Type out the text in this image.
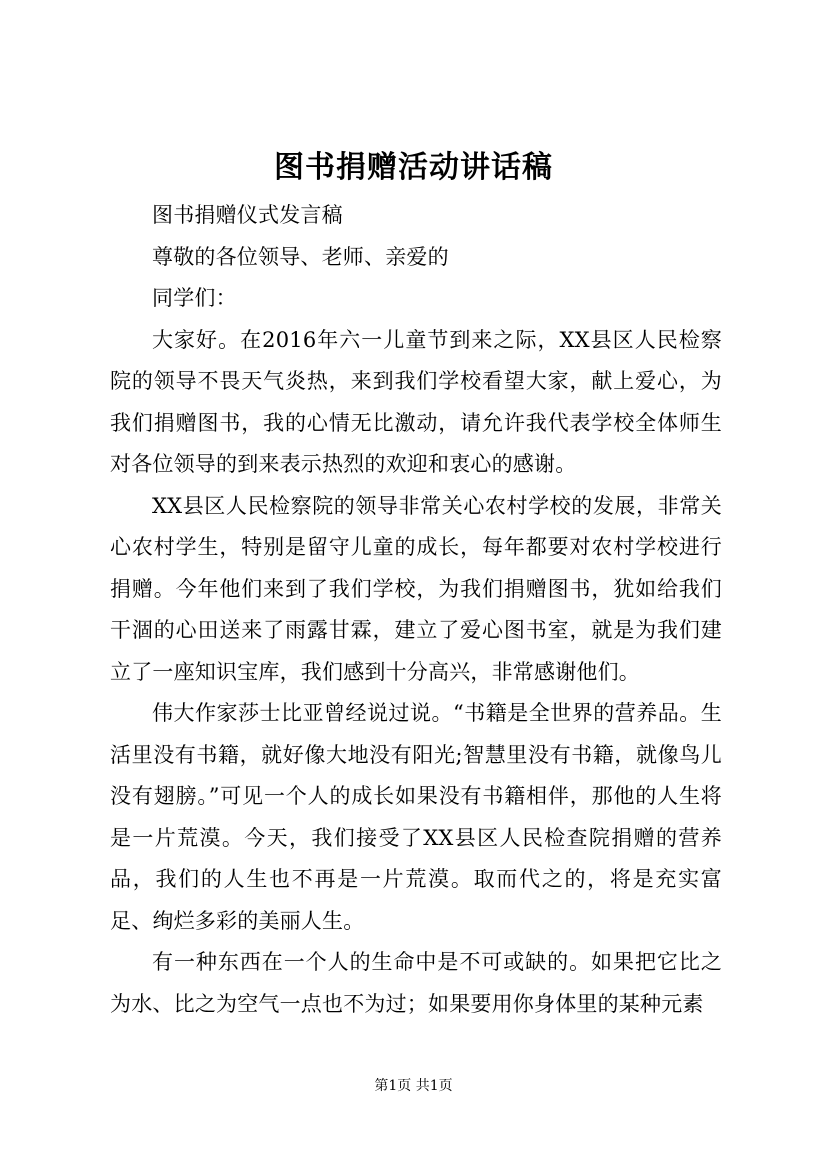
图书捐赠活动讲话稿

图书捐赠仪式发言稿

尊敬的各位领导、老师、亲爱的

同学们：

大家好。在2016年六一儿童节到来之际，XX县区人民检察院的领导不畏天气炎热，来到我们学校看望大家，献上爱心，为我们捐赠图书，我的心情无比激动，请允许我代表学校全体师生对各位领导的到来表示热烈的欢迎和衷心的感谢。

XX县区人民检察院的领导非常关心农村学校的发展，非常关心农村学生，特别是留守儿童的成长，每年都要对农村学校进行捐赠。今年他们来到了我们学校，为我们捐赠图书，犹如给我们干涸的心田送来了雨露甘霖，建立了爱心图书室，就是为我们建立了一座知识宝库，我们感到十分高兴，非常感谢他们。

伟大作家莎士比亚曾经说过说。“书籍是全世界的营养品。生活里没有书籍，就好像大地没有阳光;智慧里没有书籍，就像鸟儿没有翅膀。”可见一个人的成长如果没有书籍相伴，那他的人生将是一片荒漠。今天，我们接受了XX县区人民检查院捐赠的营养品，我们的人生也不再是一片荒漠。取而代之的，将是充实富足、绚烂多彩的美丽人生。

有一种东西在一个人的生命中是不可或缺的。如果把它比之为水、比之为空气一点也不为过；如果要用你身体里的某种元素

第1页 共1页
